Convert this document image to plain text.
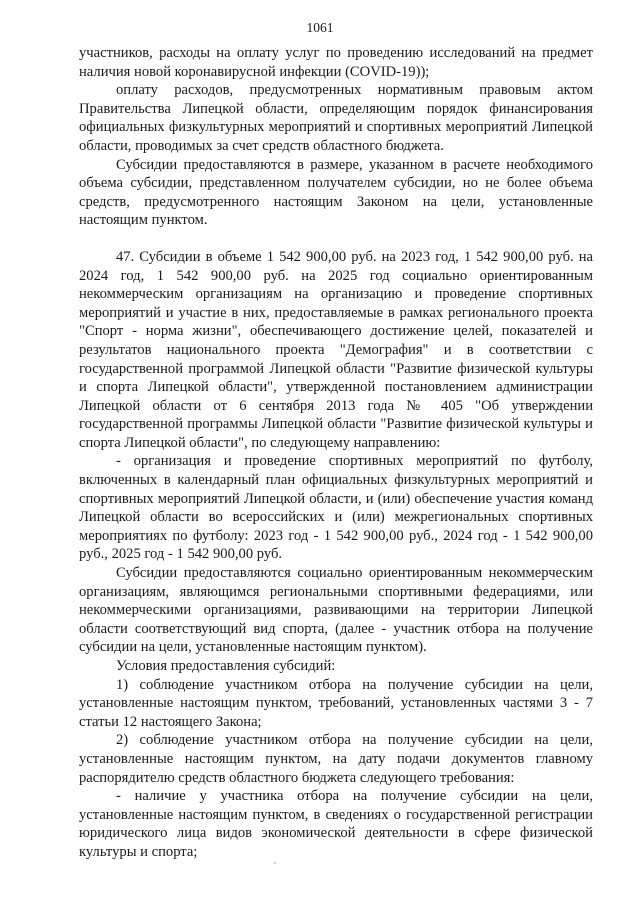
1061

участников, расходы на оплату услуг по проведению исследований на предмет наличия новой коронавирусной инфекции (COVID-19));

оплату расходов, предусмотренных нормативным правовым актом Правительства Липецкой области, определяющим порядок финансирования официальных физкультурных мероприятий и спортивных мероприятий Липецкой области, проводимых за счет средств областного бюджета.

Субсидии предоставляются в размере, указанном в расчете необходимого объема субсидии, представленном получателем субсидии, но не более объема средств, предусмотренного настоящим Законом на цели, установленные настоящим пунктом.

47. Субсидии в объеме 1 542 900,00 руб. на 2023 год, 1 542 900,00 руб. на 2024 год, 1 542 900,00 руб. на 2025 год социально ориентированным некоммерческим организациям на организацию и проведение спортивных мероприятий и участие в них, предоставляемые в рамках регионального проекта "Спорт - норма жизни", обеспечивающего достижение целей, показателей и результатов национального проекта "Демография" и в соответствии с государственной программой Липецкой области "Развитие физической культуры и спорта Липецкой области", утвержденной постановлением администрации Липецкой области от 6 сентября 2013 года № 405 "Об утверждении государственной программы Липецкой области "Развитие физической культуры и спорта Липецкой области", по следующему направлению:

- организация и проведение спортивных мероприятий по футболу, включенных в календарный план официальных физкультурных мероприятий и спортивных мероприятий Липецкой области, и (или) обеспечение участия команд Липецкой области во всероссийских и (или) межрегиональных спортивных мероприятиях по футболу: 2023 год - 1 542 900,00 руб., 2024 год - 1 542 900,00 руб., 2025 год - 1 542 900,00 руб.

Субсидии предоставляются социально ориентированным некоммерческим организациям, являющимся региональными спортивными федерациями, или некоммерческими организациями, развивающими на территории Липецкой области соответствующий вид спорта, (далее - участник отбора на получение субсидии на цели, установленные настоящим пунктом).

Условия предоставления субсидий:

1) соблюдение участником отбора на получение субсидии на цели, установленные настоящим пунктом, требований, установленных частями 3 - 7 статьи 12 настоящего Закона;

2) соблюдение участником отбора на получение субсидии на цели, установленные настоящим пунктом, на дату подачи документов главному распорядителю средств областного бюджета следующего требования:

- наличие у участника отбора на получение субсидии на цели, установленные настоящим пунктом, в сведениях о государственной регистрации юридического лица видов экономической деятельности в сфере физической культуры и спорта;
